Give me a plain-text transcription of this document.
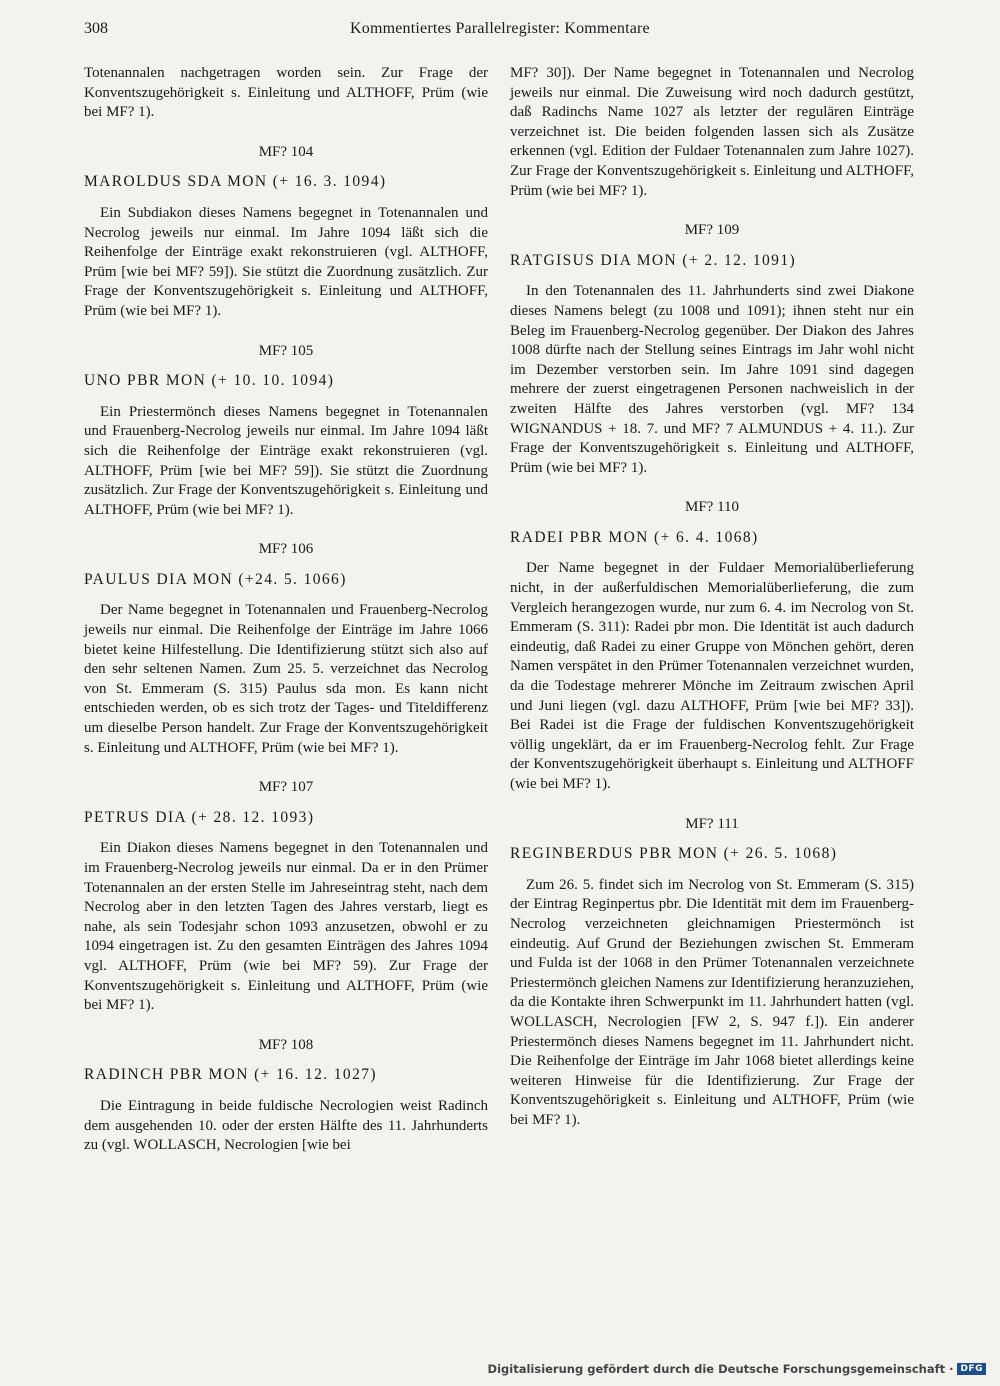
308	Kommentiertes Parallelregister: Kommentare

Totenannalen nachgetragen worden sein. Zur Frage der Konventszugehörigkeit s. Einleitung und ALTHOFF, Prüm (wie bei MF? 1).

MF? 104
MAROLDUS SDA MON (+ 16. 3. 1094)

Ein Subdiakon dieses Namens begegnet in Totenannalen und Necrolog jeweils nur einmal. Im Jahre 1094 läßt sich die Reihenfolge der Einträge exakt rekonstruieren (vgl. ALTHOFF, Prüm [wie bei MF? 59]). Sie stützt die Zuordnung zusätzlich. Zur Frage der Konventszugehörigkeit s. Einleitung und ALTHOFF, Prüm (wie bei MF? 1).

MF? 105
UNO PBR MON (+ 10. 10. 1094)

Ein Priestermönch dieses Namens begegnet in Totenannalen und Frauenberg-Necrolog jeweils nur einmal. Im Jahre 1094 läßt sich die Reihenfolge der Einträge exakt rekonstruieren (vgl. ALTHOFF, Prüm [wie bei MF? 59]). Sie stützt die Zuordnung zusätzlich. Zur Frage der Konventszugehörigkeit s. Einleitung und ALTHOFF, Prüm (wie bei MF? 1).

MF? 106
PAULUS DIA MON (+24. 5. 1066)

Der Name begegnet in Totenannalen und Frauenberg-Necrolog jeweils nur einmal. Die Reihenfolge der Einträge im Jahre 1066 bietet keine Hilfestellung. Die Identifizierung stützt sich also auf den sehr seltenen Namen. Zum 25. 5. verzeichnet das Necrolog von St. Emmeram (S. 315) Paulus sda mon. Es kann nicht entschieden werden, ob es sich trotz der Tages- und Titeldifferenz um dieselbe Person handelt. Zur Frage der Konventszugehörigkeit s. Einleitung und ALTHOFF, Prüm (wie bei MF? 1).

MF? 107
PETRUS DIA (+ 28. 12. 1093)

Ein Diakon dieses Namens begegnet in den Totenannalen und im Frauenberg-Necrolog jeweils nur einmal. Da er in den Prümer Totenannalen an der ersten Stelle im Jahreseintrag steht, nach dem Necrolog aber in den letzten Tagen des Jahres verstarb, liegt es nahe, als sein Todesjahr schon 1093 anzusetzen, obwohl er zu 1094 eingetragen ist. Zu den gesamten Einträgen des Jahres 1094 vgl. ALTHOFF, Prüm (wie bei MF? 59). Zur Frage der Konventszugehörigkeit s. Einleitung und ALTHOFF, Prüm (wie bei MF? 1).

MF? 108
RADINCH PBR MON (+ 16. 12. 1027)

Die Eintragung in beide fuldische Necrologien weist Radinch dem ausgehenden 10. oder der ersten Hälfte des 11. Jahrhunderts zu (vgl. WOLLASCH, Necrologien [wie bei

MF? 30]). Der Name begegnet in Totenannalen und Necrolog jeweils nur einmal. Die Zuweisung wird noch dadurch gestützt, daß Radinchs Name 1027 als letzter der regulären Einträge verzeichnet ist. Die beiden folgenden lassen sich als Zusätze erkennen (vgl. Edition der Fuldaer Totenannalen zum Jahre 1027). Zur Frage der Konventszugehörigkeit s. Einleitung und ALTHOFF, Prüm (wie bei MF? 1).

MF? 109
RATGISUS DIA MON (+ 2. 12. 1091)

In den Totenannalen des 11. Jahrhunderts sind zwei Diakone dieses Namens belegt (zu 1008 und 1091); ihnen steht nur ein Beleg im Frauenberg-Necrolog gegenüber. Der Diakon des Jahres 1008 dürfte nach der Stellung seines Eintrags im Jahr wohl nicht im Dezember verstorben sein. Im Jahre 1091 sind dagegen mehrere der zuerst eingetragenen Personen nachweislich in der zweiten Hälfte des Jahres verstorben (vgl. MF? 134 WIGNANDUS + 18. 7. und MF? 7 ALMUNDUS + 4. 11.). Zur Frage der Konventszugehörigkeit s. Einleitung und ALTHOFF, Prüm (wie bei MF? 1).

MF? 110
RADEI PBR MON (+ 6. 4. 1068)

Der Name begegnet in der Fuldaer Memorialüberlieferung nicht, in der außerfuldischen Memorialüberlieferung, die zum Vergleich herangezogen wurde, nur zum 6. 4. im Necrolog von St. Emmeram (S. 311): Radei pbr mon. Die Identität ist auch dadurch eindeutig, daß Radei zu einer Gruppe von Mönchen gehört, deren Namen verspätet in den Prümer Totenannalen verzeichnet wurden, da die Todestage mehrerer Mönche im Zeitraum zwischen April und Juni liegen (vgl. dazu ALTHOFF, Prüm [wie bei MF? 33]). Bei Radei ist die Frage der fuldischen Konventszugehörigkeit völlig ungeklärt, da er im Frauenberg-Necrolog fehlt. Zur Frage der Konventszugehörigkeit überhaupt s. Einleitung und ALTHOFF (wie bei MF? 1).

MF? 111
REGINBERDUS PBR MON (+ 26. 5. 1068)

Zum 26. 5. findet sich im Necrolog von St. Emmeram (S. 315) der Eintrag Reginpertus pbr. Die Identität mit dem im Frauenberg-Necrolog verzeichneten gleichnamigen Priestermönch ist eindeutig. Auf Grund der Beziehungen zwischen St. Emmeram und Fulda ist der 1068 in den Prümer Totenannalen verzeichnete Priestermönch gleichen Namens zur Identifizierung heranzuziehen, da die Kontakte ihren Schwerpunkt im 11. Jahrhundert hatten (vgl. WOLLASCH, Necrologien [FW 2, S. 947 f.]). Ein anderer Priestermönch dieses Namens begegnet im 11. Jahrhundert nicht. Die Reihenfolge der Einträge im Jahr 1068 bietet allerdings keine weiteren Hinweise für die Identifizierung. Zur Frage der Konventszugehörigkeit s. Einleitung und ALTHOFF, Prüm (wie bei MF? 1).

Digitalisierung gefördert durch die Deutsche Forschungsgemeinschaft · DFG
